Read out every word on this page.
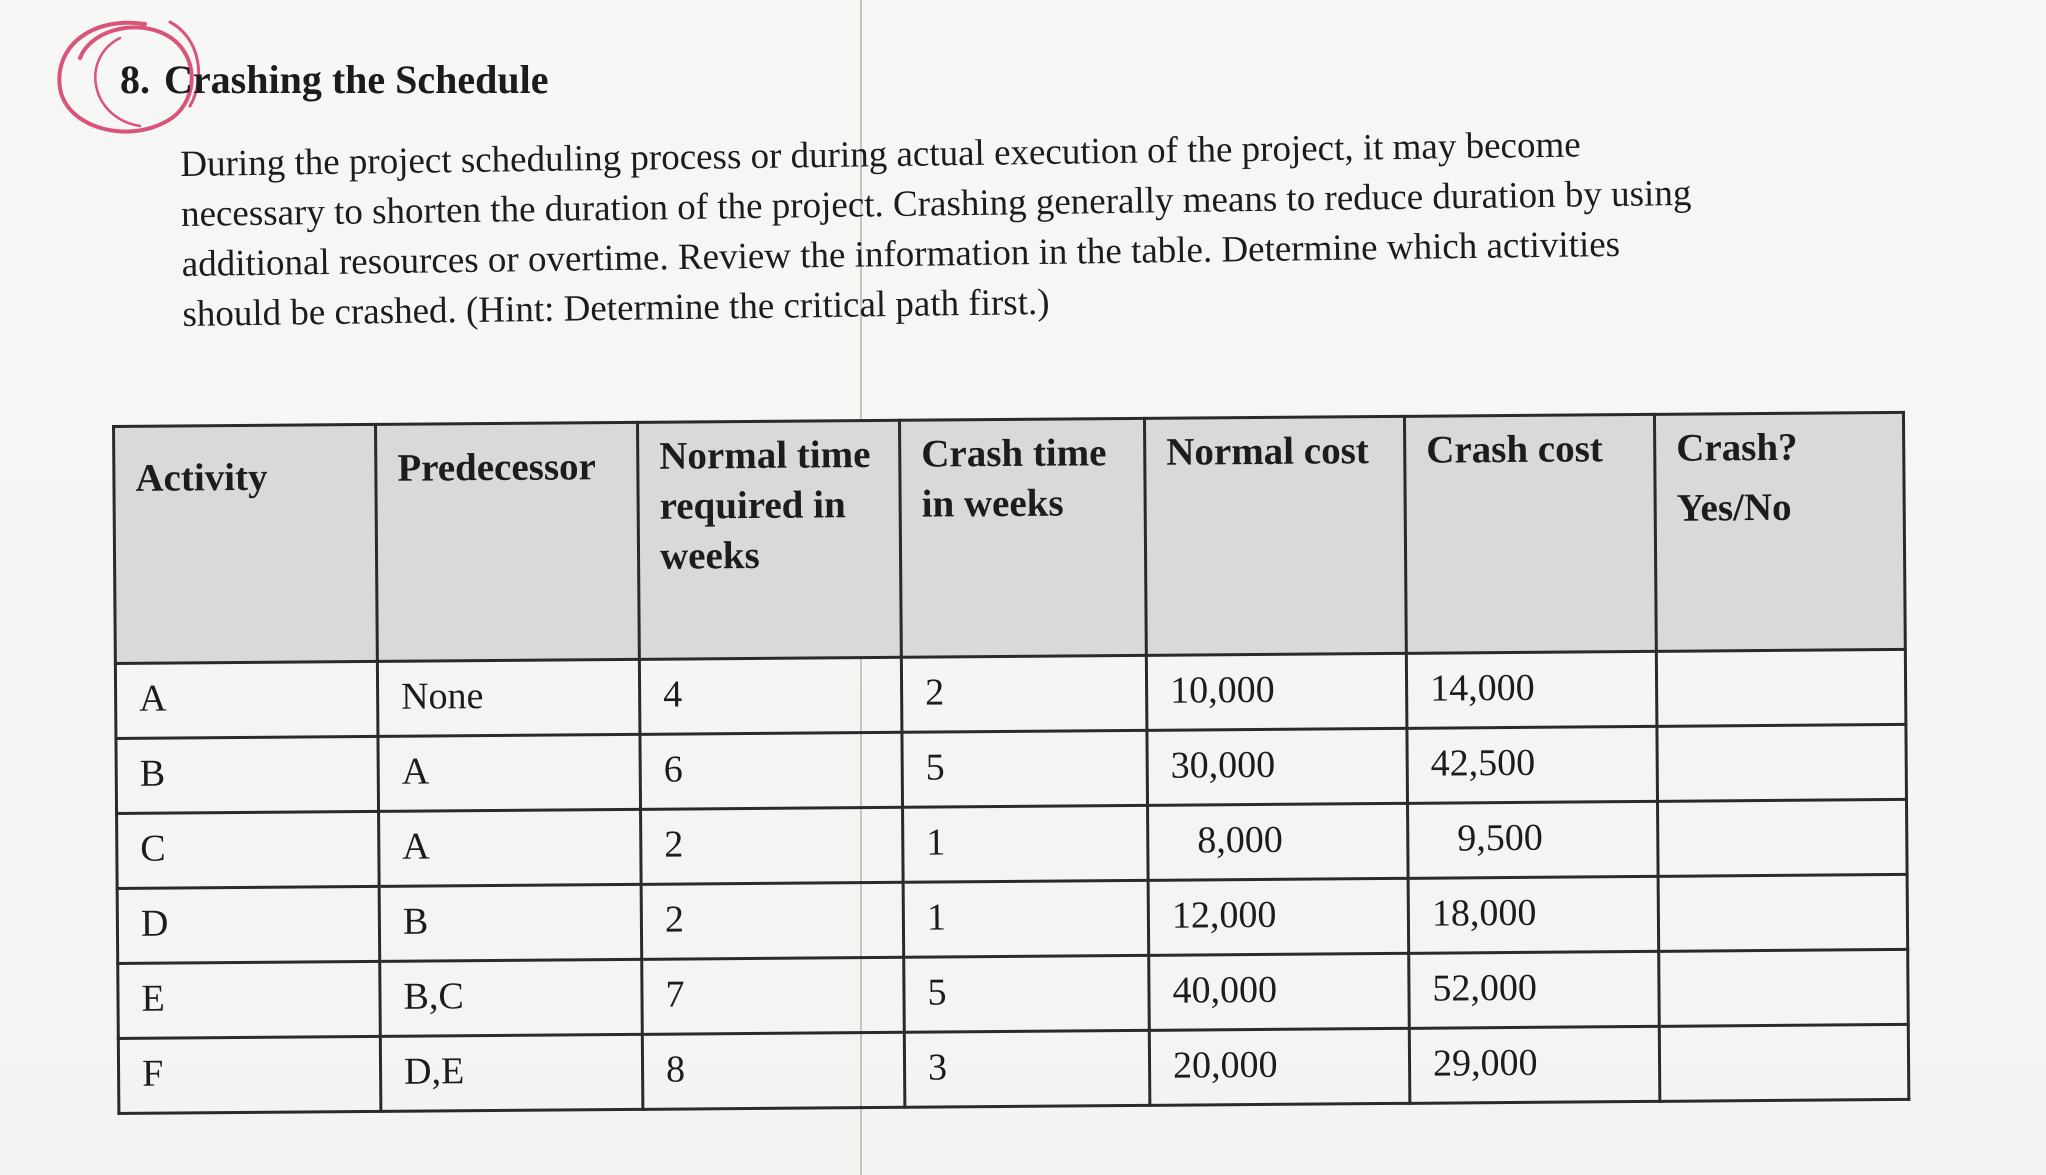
8. Crashing the Schedule
During the project scheduling process or during actual execution of the project, it may become
necessary to shorten the duration of the project. Crashing generally means to reduce duration by using
additional resources or overtime. Review the information in the table. Determine which activities
should be crashed. (Hint: Determine the critical path first.)
Activity	Predecessor	Normal time required in weeks	Crash time in weeks	Normal cost	Crash cost	Crash?
Yes/No

A	None	4	2	10,000	14,000	
B	A	6	5	30,000	42,500	
C	A	2	1	8,000	9,500	
D	B	2	1	12,000	18,000	
E	B,C	7	5	40,000	52,000	
F	D,E	8	3	20,000	29,000	
